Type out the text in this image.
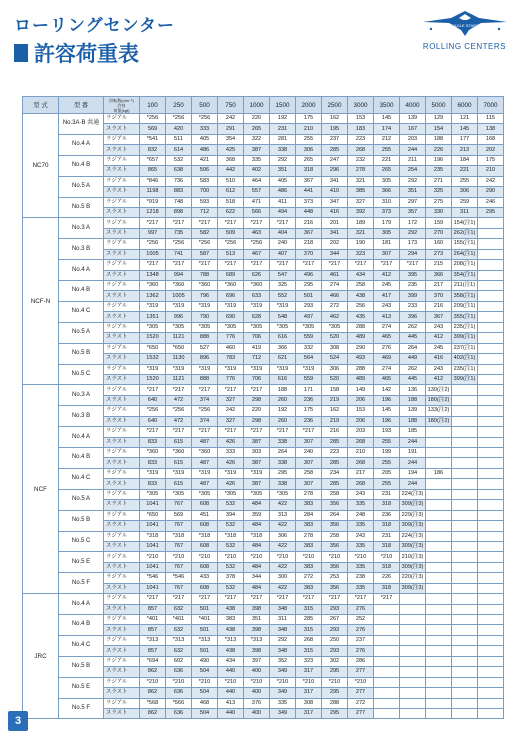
ローリングセンター
許容荷重表
EAGLE STARS
ROLLING CENTERS
型 式	型 番	回転数(min⁻¹)
許容
荷重(kgf)	100	250	500	750	1000	1500	2000	2500	3000	3500	4000	5000	6000	7000
NC70	No.3A·B 共通	ラジアル	*256	*256	*256	242	220	192	175	162	153	145	139	129	121	115
		スラスト	569	420	333	291	265	231	210	195	183	174	167	154	145	138
	No.4 A	ラジアル	*541	511	405	354	322	281	255	237	223	212	203	188	177	168
		スラスト	832	614	486	425	387	338	306	285	268	255	244	226	213	202
	No.4 B	ラジアル	*657	532	421	368	335	292	265	247	232	221	211	196	184	175
		スラスト	865	638	506	442	402	351	318	296	278	265	254	235	221	210
	No.5 A	ラジアル	*846	736	583	510	464	405	367	341	321	305	292	271	255	242
		スラスト	1198	883	700	612	557	486	441	410	385	366	351	325	306	290
	No.5 B	ラジアル	*919	748	593	518	471	411	373	347	327	310	297	275	259	246
		スラスト	1218	898	712	622	566	494	448	416	392	373	357	330	311	295
NCF-N	No.3 A	ラジアル	*217	*217	*217	*217	*217	*217	216	201	189	179	172	159	154(注1)	
		スラスト	997	735	582	509	463	404	367	341	321	305	292	270	262(注1)	
	No.3 B	ラジアル	*256	*256	*256	*256	*256	240	218	202	190	181	173	160	155(注1)	
		スラスト	1005	741	587	513	467	407	370	344	323	307	294	273	264(注1)	
	No.4 A	ラジアル	*217	*217	*217	*217	*217	*217	*217	*217	*217	*217	*217	215	208(注1)	
		スラスト	1348	994	788	689	626	547	496	461	434	412	395	366	354(注1)	
	No.4 B	ラジアル	*360	*360	*360	*360	*360	325	295	274	258	245	235	217	211(注1)	
		スラスト	1362	1005	796	696	633	552	501	466	438	417	399	370	358(注1)	
	No.4 C	ラジアル	*319	*319	*319	*319	*319	*319	293	272	256	243	233	216	209(注1)	
		スラスト	1351	996	790	690	628	548	497	462	435	413	396	367	355(注1)	
	No.5 A	ラジアル	*305	*305	*305	*305	*305	*305	*305	*305	288	274	262	243	235(注1)	
		スラスト	1520	1121	888	776	706	616	559	520	489	465	445	412	399(注1)	
	No.5 B	ラジアル	*650	*650	527	460	419	366	332	308	290	276	264	245	237(注1)	
		スラスト	1532	1130	896	783	712	621	564	524	493	469	449	416	402(注1)	
	No.5 C	ラジアル	*319	*319	*319	*319	*319	*319	*319	306	288	274	262	243	235(注1)	
		スラスト	1520	1121	888	776	706	616	559	520	489	465	445	412	399(注1)	
NCF	No.3 A	ラジアル	*217	*217	*217	*217	*217	188	171	158	149	142	136	130(注2)		
		スラスト	640	472	374	327	298	260	236	219	206	196	188	180(注2)		
	No.3 B	ラジアル	*256	*256	*256	242	220	192	175	162	153	145	139	133(注2)		
		スラスト	640	472	374	327	298	260	236	219	206	196	188	180(注2)		
	No.4 A	ラジアル	*217	*217	*217	*217	*217	*217	*217	216	203	193	185			
		スラスト	833	615	487	426	387	338	307	285	268	255	244			
	No.4 B	ラジアル	*360	*360	*360	333	303	264	240	223	210	199	191			
		スラスト	833	615	487	426	387	338	307	285	268	255	244			
	No.4 C	ラジアル	*319	*319	*319	*319	*319	295	258	234	217	205	194	186		
		スラスト	833	615	487	426	387	338	307	285	268	255	244			
	No.5 A	ラジアル	*305	*305	*305	*305	*305	*305	278	258	243	231	224(注3)			
		スラスト	1041	767	608	532	484	422	383	356	335	318	309(注3)			
	No.5 B	ラジアル	*650	569	451	394	359	313	284	264	248	236	229(注3)			
		スラスト	1041	767	608	532	484	422	383	356	335	318	309(注3)			
	No.5 C	ラジアル	*318	*318	*318	*318	*318	306	278	258	243	231	224(注3)			
		スラスト	1041	767	608	532	484	422	383	356	335	318	309(注3)			
	No.5 E	ラジアル	*210	*210	*210	*210	*210	*210	*210	*210	*210	*210	210(注3)			
		スラスト	1041	767	608	532	484	422	383	356	335	318	309(注3)			
	No.5 F	ラジアル	*546	*546	433	378	344	300	272	253	238	226	220(注3)			
		スラスト	1041	767	608	532	484	422	383	356	335	318	309(注3)			
JRC	No.4 A	ラジアル	*217	*217	*217	*217	*217	*217	*217	*217	*217	*217				
		スラスト	857	632	501	438	398	348	315	293	276					
	No.4 B	ラジアル	*401	*401	*401	383	351	311	285	267	252					
		スラスト	857	632	501	438	398	348	315	293	276					
	No.4 C	ラジアル	*313	*313	*313	*313	*313	292	268	250	237					
		スラスト	857	632	501	438	398	348	315	293	276					
	No.5 B	ラジアル	*694	602	490	434	397	352	323	302	286					
		スラスト	862	636	504	440	400	349	317	295	277					
	No.5 E	ラジアル	*210	*210	*210	*210	*210	*210	*210	*210	*210					
		スラスト	862	636	504	440	400	349	317	295	277					
	No.5 F	ラジアル	*568	*566	468	413	376	335	308	288	272					
		スラスト	862	636	504	440	400	349	317	295	277					
3
